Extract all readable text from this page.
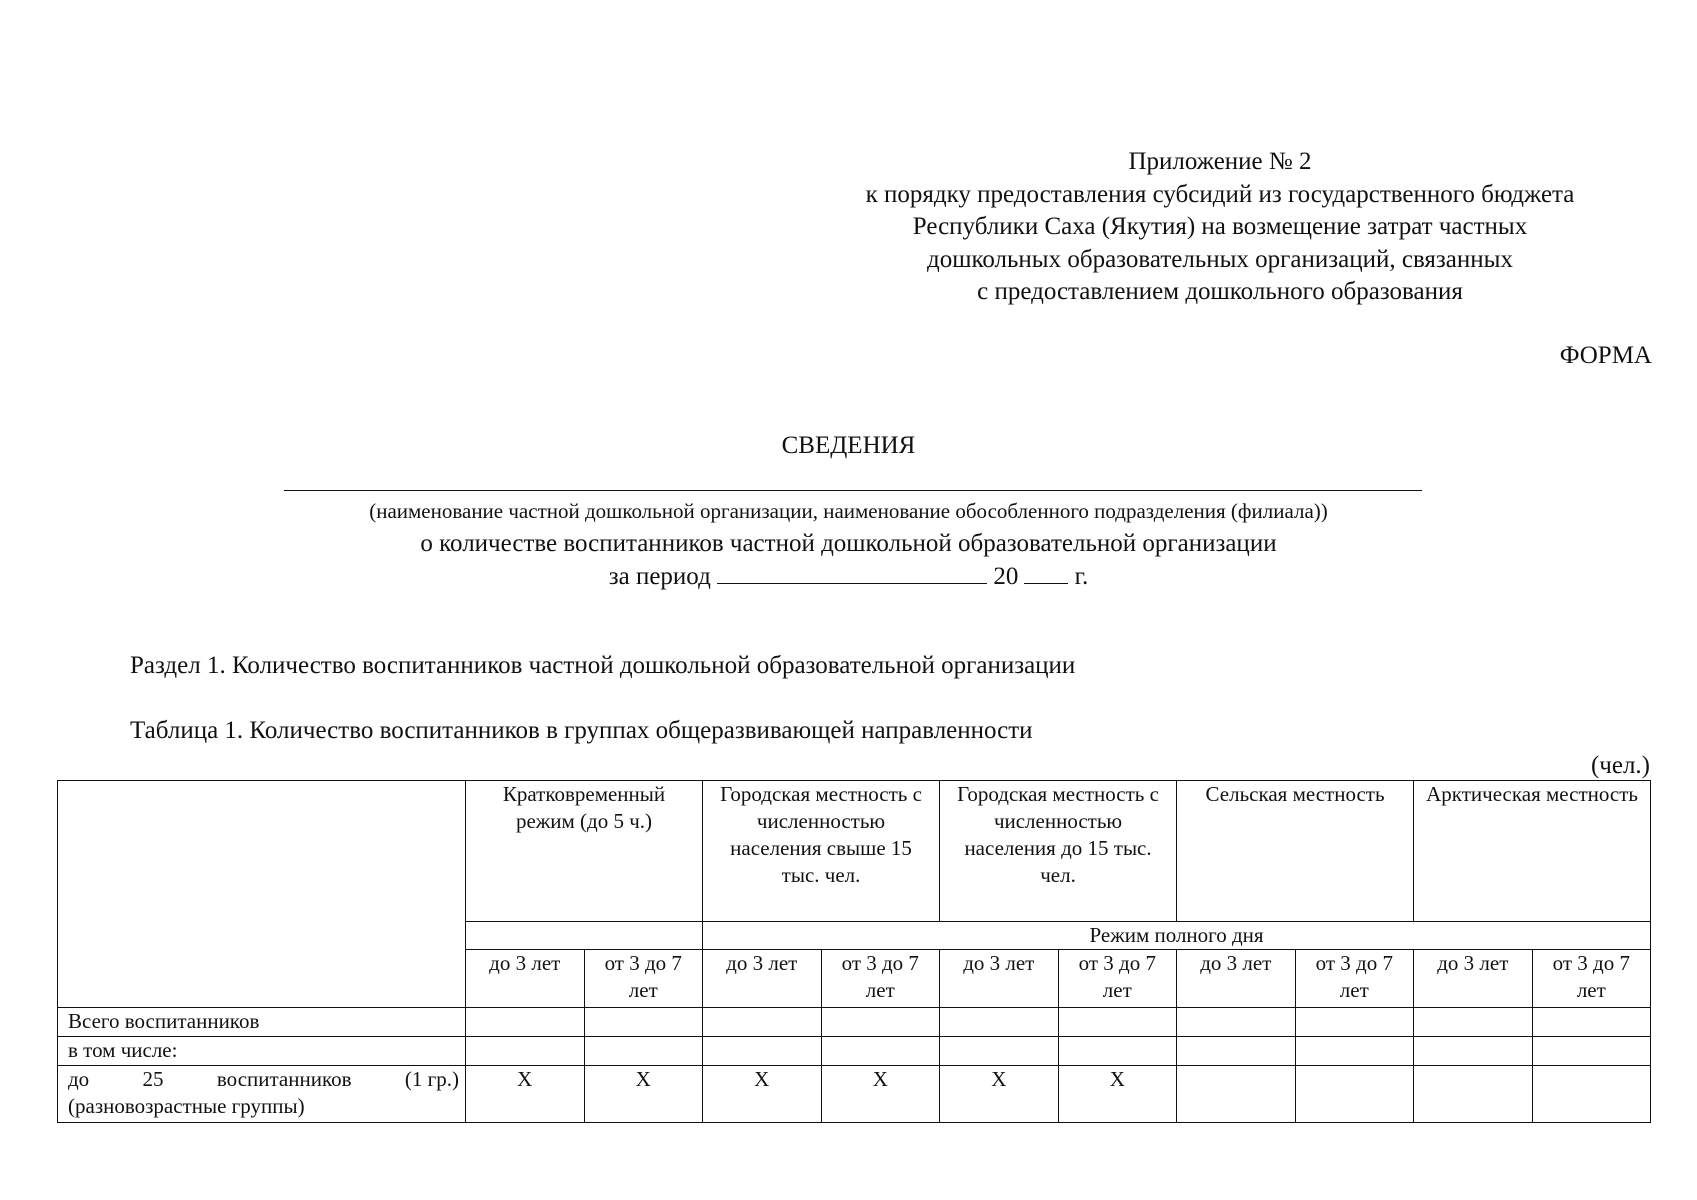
Приложение № 2
к порядку предоставления субсидий из государственного бюджета
Республики Саха (Якутия) на возмещение затрат частных
дошкольных образовательных организаций, связанных
с предоставлением дошкольного образования
ФОРМА
СВЕДЕНИЯ
(наименование частной дошкольной организации, наименование обособленного подразделения (филиала))
о количестве воспитанников частной дошкольной образовательной организации
за период	20 г.
Раздел 1. Количество воспитанников частной дошкольной образовательной организации
Таблица 1. Количество воспитанников в группах общеразвивающей направленности
(чел.)
	Кратковременный режим (до 5 ч.)		Городская местность с численностью населения свыше 15 тыс. чел.		Городская местность с численностью населения до 15 тыс. чел.		Сельская местность		Арктическая местность	
			Режим полного дня							
	до 3 лет	от 3 до 7 лет	до 3 лет	от 3 до 7 лет	до 3 лет	от 3 до 7 лет	до 3 лет	от 3 до 7 лет	до 3 лет	от 3 до 7 лет
Всего воспитанников										
в том числе:										

до 25 воспитанников (1 гр.)
(разновозрастные группы)	Х	Х	Х	Х	Х	Х				
